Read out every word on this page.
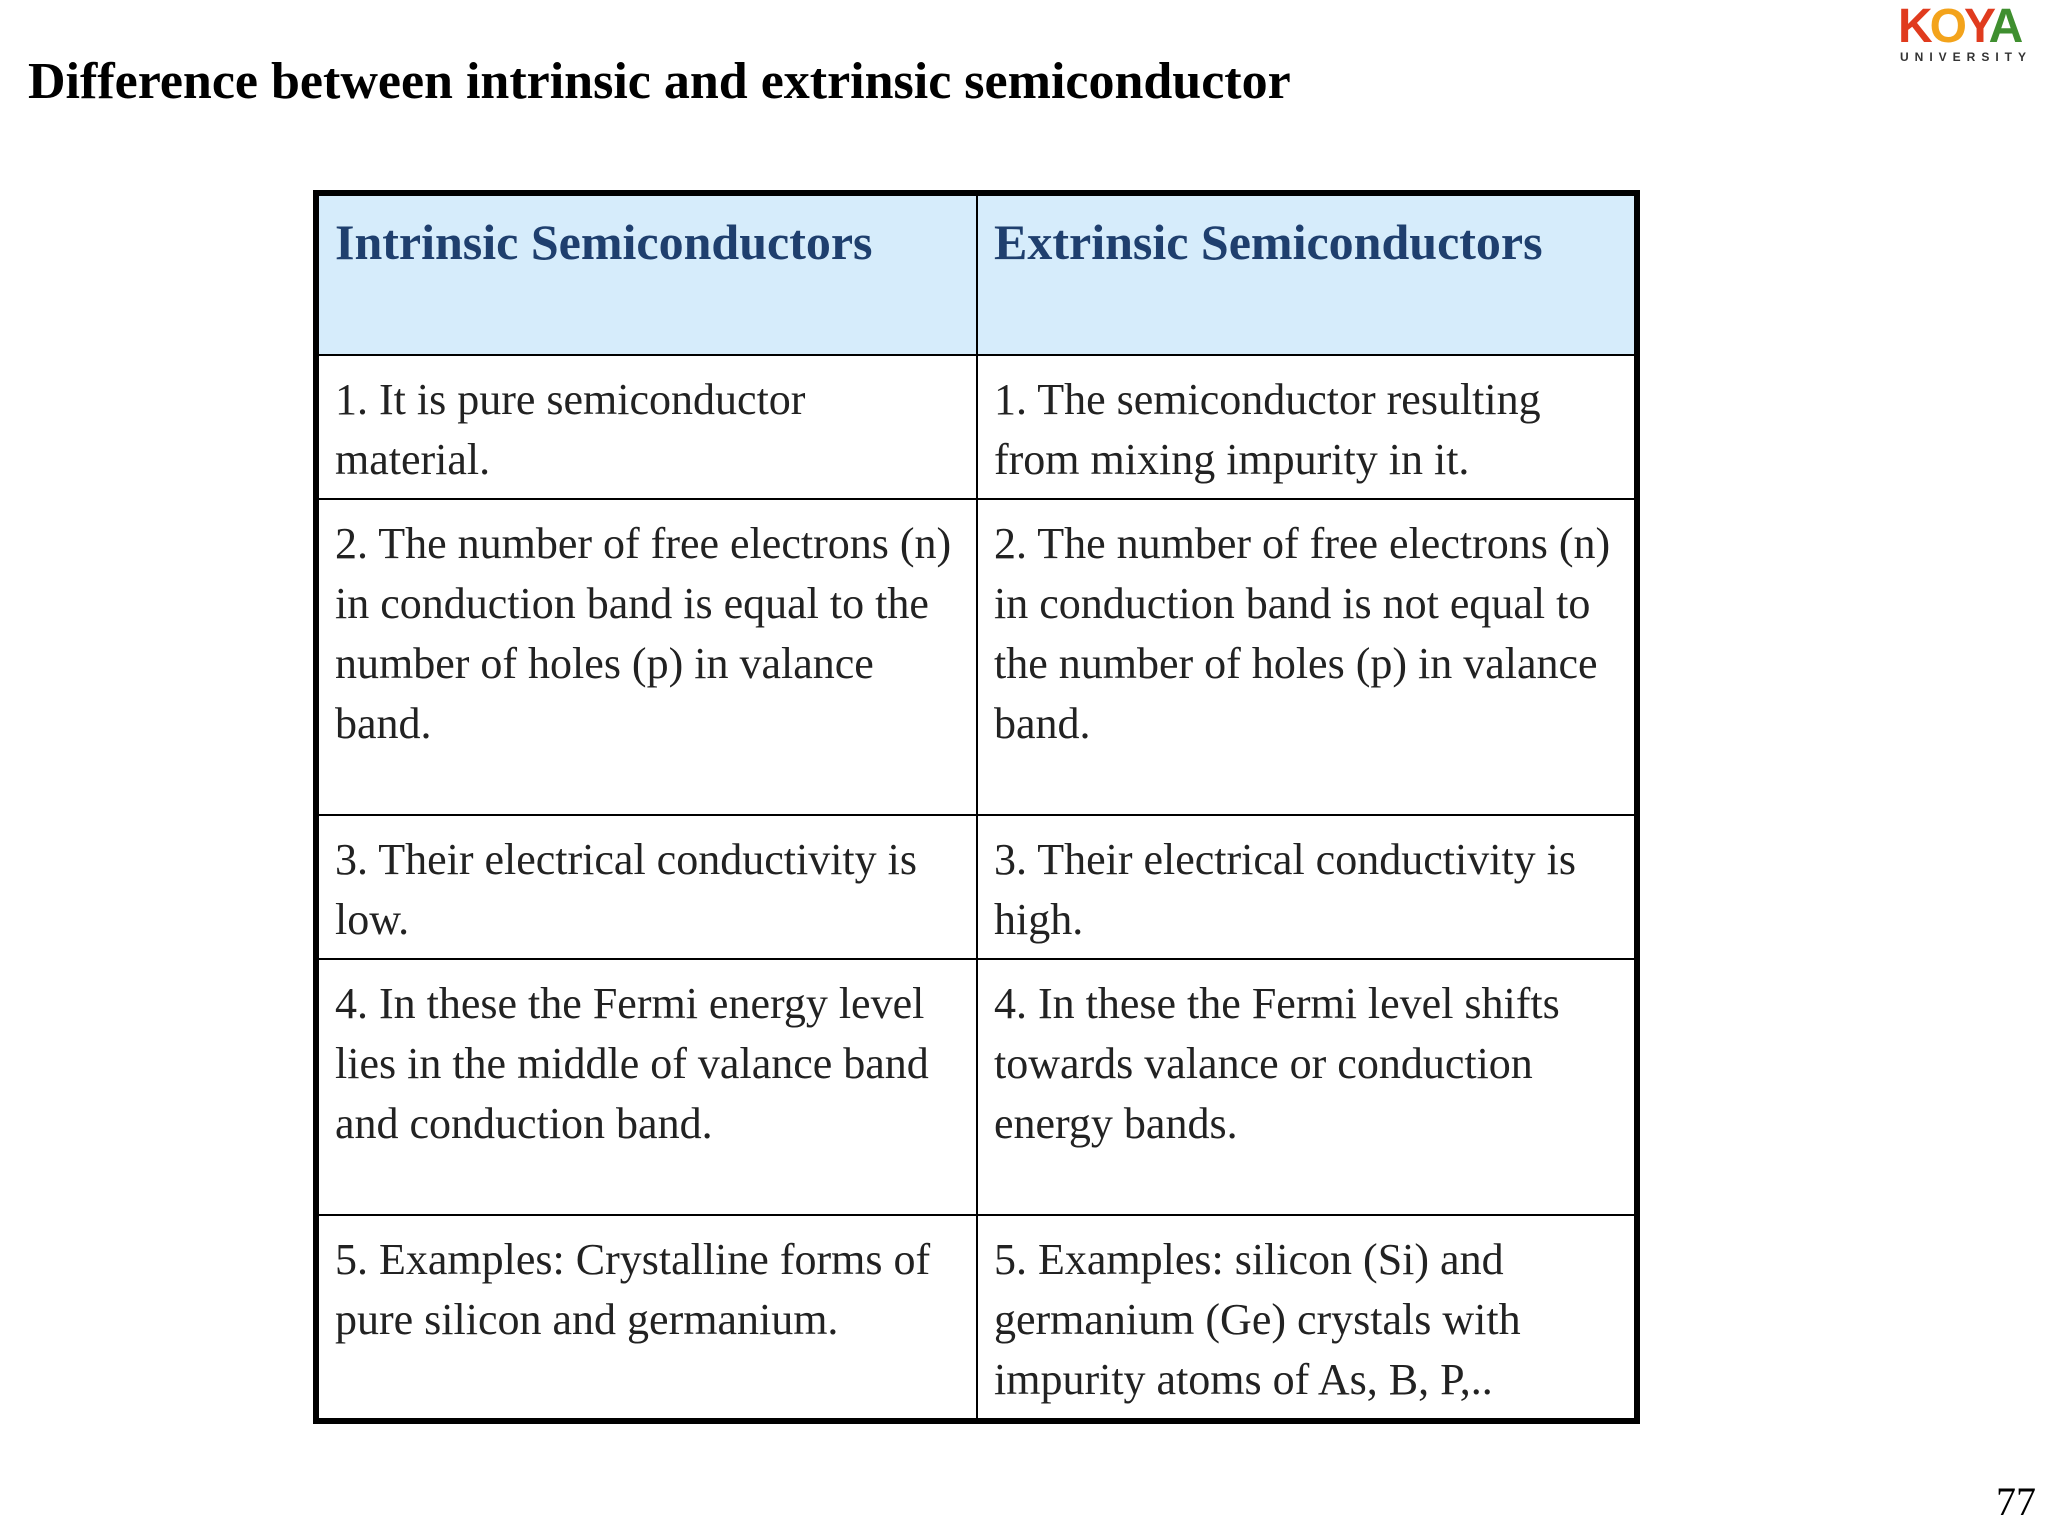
Difference between intrinsic and extrinsic semiconductor
KOYA
UNIVERSITY
Intrinsic Semiconductors	Extrinsic Semiconductors
1. It is pure semiconductor material.	1. The semiconductor resulting from mixing impurity in it.
2. The number of free electrons (n) in conduction band is equal to the number of holes (p) in valance band.	2. The number of free electrons (n) in conduction band is not equal to the number of holes (p) in valance band.
3. Their electrical conductivity is low.	3. Their electrical conductivity is high.
4. In these the Fermi energy level lies in the middle of valance band and conduction band.	4. In these the Fermi level shifts towards valance or conduction energy bands.
5. Examples: Crystalline forms of pure silicon and germanium.	5. Examples: silicon (Si) and germanium (Ge) crystals with impurity atoms of As, B, P,..
77
